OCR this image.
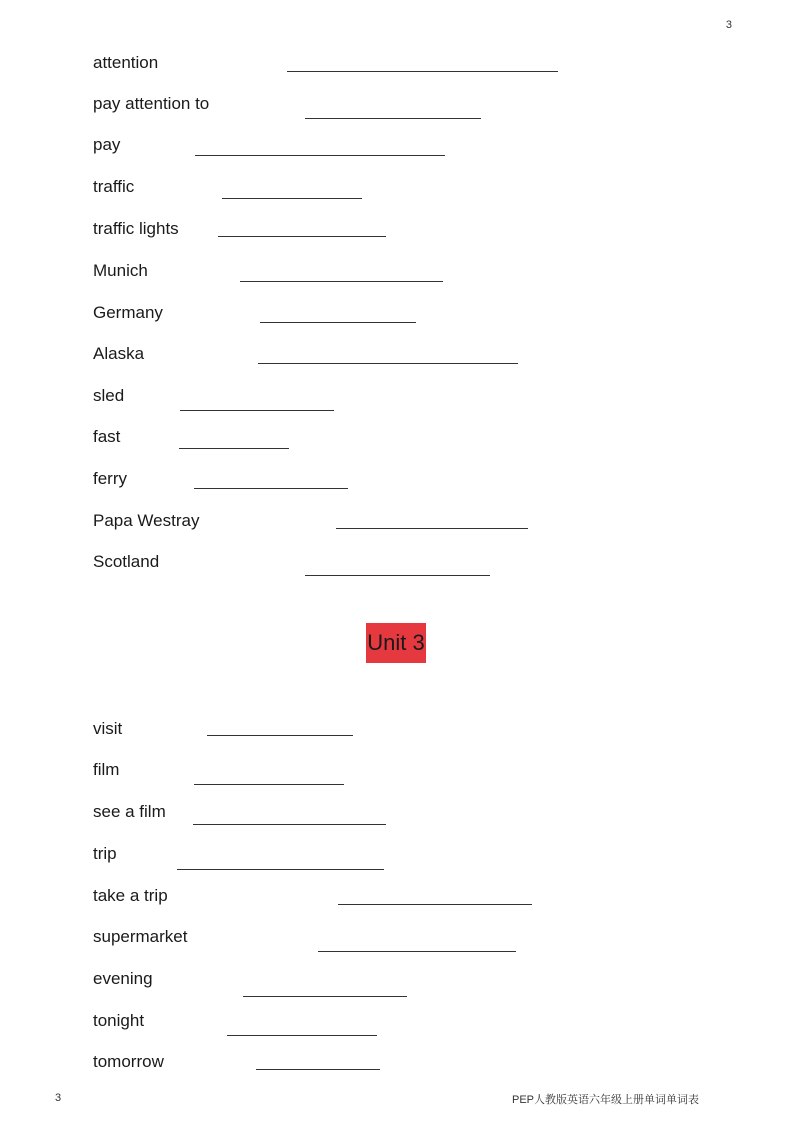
3
attention
pay attention to
pay
traffic
traffic lights
Munich
Germany
Alaska
sled
fast
ferry
Papa Westray
Scotland
Unit 3
visit
film
see a film
trip
take a trip
supermarket
evening
tonight
tomorrow
3	PEP人教版英语六年级上册单词单词表
